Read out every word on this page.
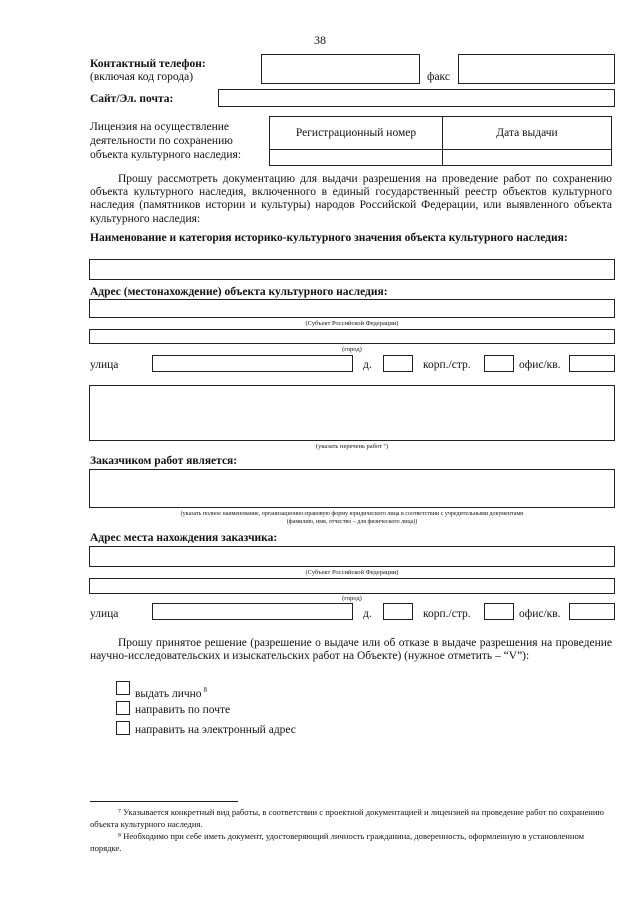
38
Контактный телефон:
(включая код города)	факс
Сайт/Эл. почта:
Лицензия на осуществление
деятельности по сохранению
объекта культурного наследия:
Регистрационный номер	Дата выдачи

Прошу рассмотреть документацию для выдачи разрешения на проведение работ по сохранению объекта культурного наследия, включенного в единый государственный реестр объектов культурного наследия (памятников истории и культуры) народов Российской Федерации, или выявленного объекта культурного наследия:
Наименование и категория историко-культурного значения объекта культурного наследия:
Адрес (местонахождение) объекта культурного наследия:
(Субъект Российской Федерации)
(город)
улица	д.	корп./стр.	офис/кв.
(указать перечень работ ⁷)
Заказчиком работ является:
(указать полное наименование, организационно-правовую форму юридического лица в соответствии с учредительными документами
(фамилию, имя, отчество – для физического лица))
Адрес места нахождения заказчика:
(Субъект Российской Федерации)
(город)
улица	д.	корп./стр.	офис/кв.
Прошу принятое решение (разрешение о выдаче или об отказе в выдаче разрешения на проведение научно-исследовательских и изыскательских работ на Объекте) (нужное отметить – “V”):
выдать лично $^8$
направить по почте
направить на электронный адрес
⁷ Указывается конкретный вид работы, в соответствии с проектной документацией и лицензией на проведение работ по сохранению объекта культурного наследия.
⁸ Необходимо при себе иметь документ, удостоверяющий личность гражданина, доверенность, оформленную в установленном порядке.
